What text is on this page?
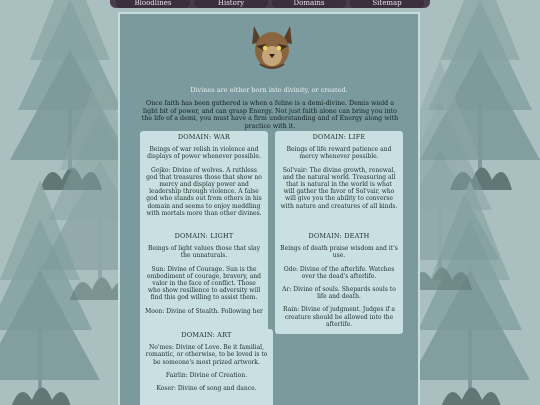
Bloodlines	History	Domains	Sitemap
Divines are either born into divinity, or created.
Once faith has been gathered is when a feline is a demi-divine. Demis wield a light bit of power, and can grasp Energy. Not just faith alone can bring you into the life of a demi, you must have a firm understanding and of Energy along with practice with it.
DOMAIN: WAR

Beings of war relish in violence and displays of power whenever possible.

Gojko: Divine of wolves. A ruthless god that treasures those that show no mercy and display power and leadership through violence. A false god who stands out from others in his domain and seems to enjoy meddling with mortals more than other divines.

DOMAIN: LIFE

Beings of life reward patience and mercy whenever possible.

Sol'vair: The divine growth, renewal, and the natural world. Treasuring all that is natural in the world is what will gather the favor of Sol'vair, who will give you the ability to converse with nature and creatures of all kinds.

DOMAIN: LIGHT

Beings of light values those that slay the unnaturals.

Sun: Divine of Courage. Sun is the embodiment of courage, bravery, and valor in the face of conflict. Those who show resilience to adversity will find this god willing to assist them.

Moon: Divine of Stealth. Following her

DOMAIN: DEATH

Beings of death praise wisdom and it's use.

Ode: Divine of the afterlife. Watches over the dead's afterlife.

Ar: Divine of souls. Shepards souls to life and death.

Rain: Divine of judgment. Judges if a creature should be allowed into the afterlife.

DOMAIN: ART

No'mes: Divine of Love. Be it familial, romantic, or otherwise, to be loved is to be someone's most prized artwork.

Fairlin: Divine of Creation.

Koser: Divine of song and dance.
